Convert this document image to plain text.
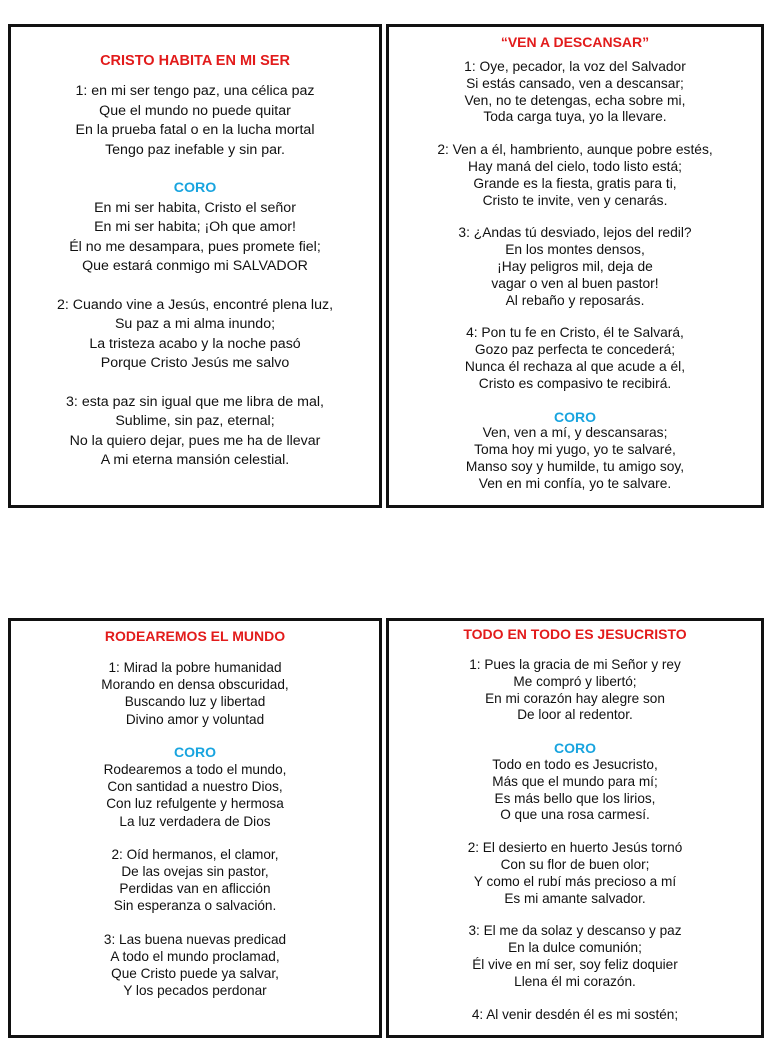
CRISTO HABITA EN MI SER

1: en mi ser tengo paz, una célica paz
Que el mundo no puede quitar
En la prueba fatal o en la lucha mortal
Tengo paz inefable y sin par.
CORO
En mi ser habita, Cristo el señor
En mi ser habita; ¡Oh que amor!
Él no me desampara, pues promete fiel;
Que estará conmigo mi SALVADOR
2: Cuando vine a Jesús, encontré plena luz,
Su paz a mi alma inundo;
La tristeza acabo y la noche pasó
Porque Cristo Jesús me salvo
3: esta paz sin igual que me libra de mal,
Sublime, sin paz, eternal;
No la quiero dejar, pues me ha de llevar
A mi eterna mansión celestial.

“VEN A DESCANSAR”

1: Oye, pecador, la voz del Salvador
Si estás cansado, ven a descansar;
Ven, no te detengas, echa sobre mi,
Toda carga tuya, yo la llevare.
2: Ven a él, hambriento, aunque pobre estés,
Hay maná del cielo, todo listo está;
Grande es la fiesta, gratis para ti,
Cristo te invite, ven y cenarás.
3: ¿Andas tú desviado, lejos del redil?
En los montes densos,
¡Hay peligros mil, deja de
vagar o ven al buen pastor!
Al rebaño y reposarás.
4: Pon tu fe en Cristo, él te Salvará,
Gozo paz perfecta te concederá;
Nunca él rechaza al que acude a él,
Cristo es compasivo te recibirá.
CORO
Ven, ven a mí, y descansaras;
Toma hoy mi yugo, yo te salvaré,
Manso soy y humilde, tu amigo soy,
Ven en mi confía, yo te salvare.

RODEAREMOS EL MUNDO

1: Mirad la pobre humanidad
Morando en densa obscuridad,
Buscando luz y libertad
Divino amor y voluntad
CORO
Rodearemos a todo el mundo,
Con santidad a nuestro Dios,
Con luz refulgente y hermosa
La luz verdadera de Dios
2: Oíd hermanos, el clamor,
De las ovejas sin pastor,
Perdidas van en aflicción
Sin esperanza o salvación.
3: Las buena nuevas predicad
A todo el mundo proclamad,
Que Cristo puede ya salvar,
Y los pecados perdonar

TODO EN TODO ES JESUCRISTO

1: Pues la gracia de mi Señor y rey
Me compró y libertó;
En mi corazón hay alegre son
De loor al redentor.
CORO
Todo en todo es Jesucristo,
Más que el mundo para mí;
Es más bello que los lirios,
O que una rosa carmesí.
2: El desierto en huerto Jesús tornó
Con su flor de buen olor;
Y como el rubí más precioso a mí
Es mi amante salvador.
3: El me da solaz y descanso y paz
En la dulce comunión;
Él vive en mí ser, soy feliz doquier
Llena él mi corazón.
4: Al venir desdén él es mi sostén;
